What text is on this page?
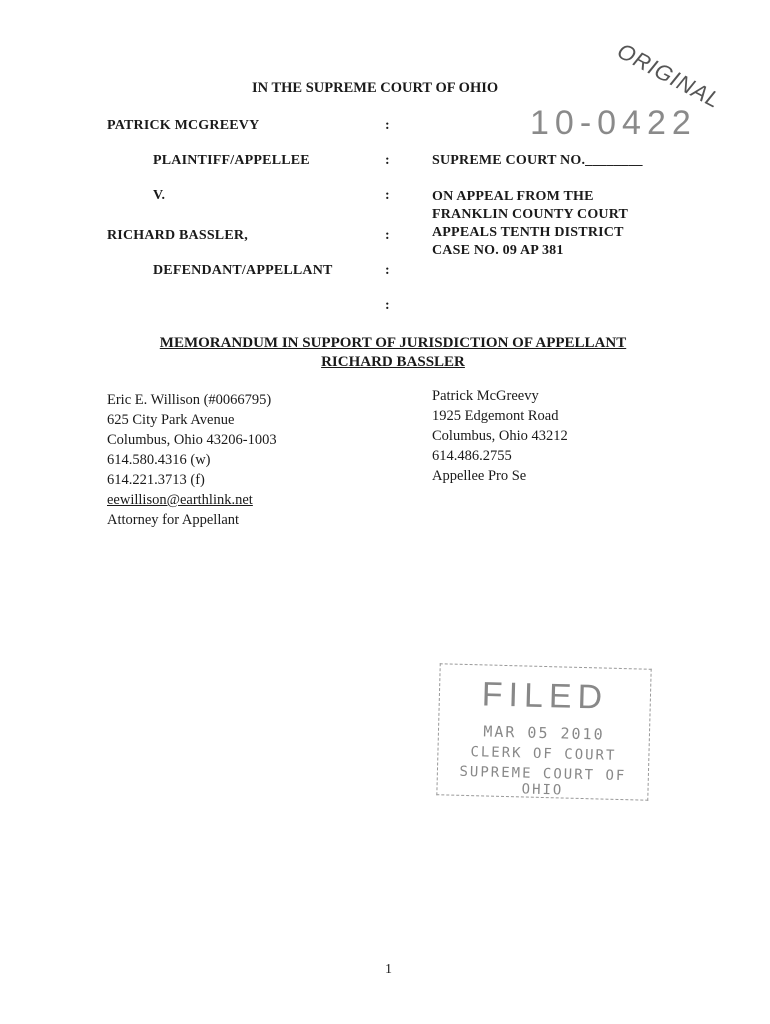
ORIGINAL
10-0422
IN THE SUPREME COURT OF OHIO
PATRICK MCGREEVY
PLAINTIFF/APPELLEE
V.
RICHARD BASSLER,
DEFENDANT/APPELLANT
:
:
:
:
:
:
SUPREME COURT NO.________
ON APPEAL FROM THE
FRANKLIN COUNTY COURT
APPEALS TENTH DISTRICT
CASE NO. 09 AP 381
MEMORANDUM IN SUPPORT OF JURISDICTION OF APPELLANT
RICHARD BASSLER
Eric E. Willison (#0066795)
625 City Park Avenue
Columbus, Ohio 43206-1003
614.580.4316 (w)
614.221.3713 (f)
eewillison@earthlink.net
Attorney for Appellant
Patrick McGreevy
1925 Edgemont Road
Columbus, Ohio 43212
614.486.2755
Appellee Pro Se
FILED
MAR 05 2010
CLERK OF COURT
SUPREME COURT OF OHIO
1
